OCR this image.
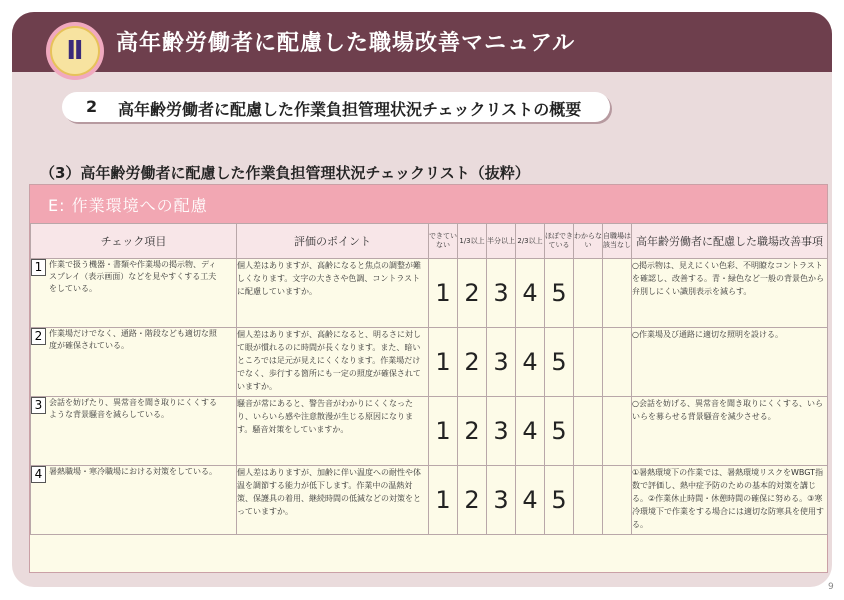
Ⅱ	高年齢労働者に配慮した職場改善マニュアル
2 高年齢労働者に配慮した作業負担管理状況チェックリストの概要
（3）高年齢労働者に配慮した作業負担管理状況チェックリスト（抜粋）
E: 作業環境への配慮
チェック項目	評価のポイント	できていない	1/3以上	半分以上	2/3以上	ほぼできている	わからない	自職場は該当なし	高年齢労働者に配慮した職場改善事項
1 作業で扱う機器・書類や作業場の掲示物、ディスプレイ（表示画面）などを見やすくする工夫をしている。	個人差はありますが、高齢になると焦点の調整が難しくなります。文字の大きさや色調、コントラストに配慮していますか。	1	2	3	4	5			○掲示物は、見えにくい色彩、不明瞭なコントラストを確認し、改善する。青・緑色など一般の背景色から弁別しにくい識別表示を減らす。
2 作業場だけでなく、通路・階段なども適切な照度が確保されている。	個人差はありますが、高齢になると、明るさに対して眼が慣れるのに時間が長くなります。また、暗いところでは足元が見えにくくなります。作業場だけでなく、歩行する箇所にも一定の照度が確保されていますか。	1	2	3	4	5			○作業場及び通路に適切な照明を設ける。
3 会話を妨げたり、異常音を聞き取りにくくするような背景騒音を減らしている。	騒音が常にあると、警告音がわかりにくくなったり、いらいら感や注意散漫が生じる原因になります。騒音対策をしていますか。	1	2	3	4	5			○会話を妨げる、異常音を聞き取りにくくする、いらいらを募らせる背景騒音を減少させる。
4 暑熱職場・寒冷職場における対策をしている。	個人差はありますが、加齢に伴い温度への耐性や体温を調節する能力が低下します。作業中の温熱対策、保護具の着用、継続時間の低減などの対策をとっていますか。	1	2	3	4	5			①暑熱環境下の作業では、暑熱環境リスクをWBGT指数で評価し、熱中症予防のための基本的対策を講じる。②作業休止時間・休憩時間の確保に努める。③寒冷環境下で作業をする場合には適切な防寒具を使用する。
9
